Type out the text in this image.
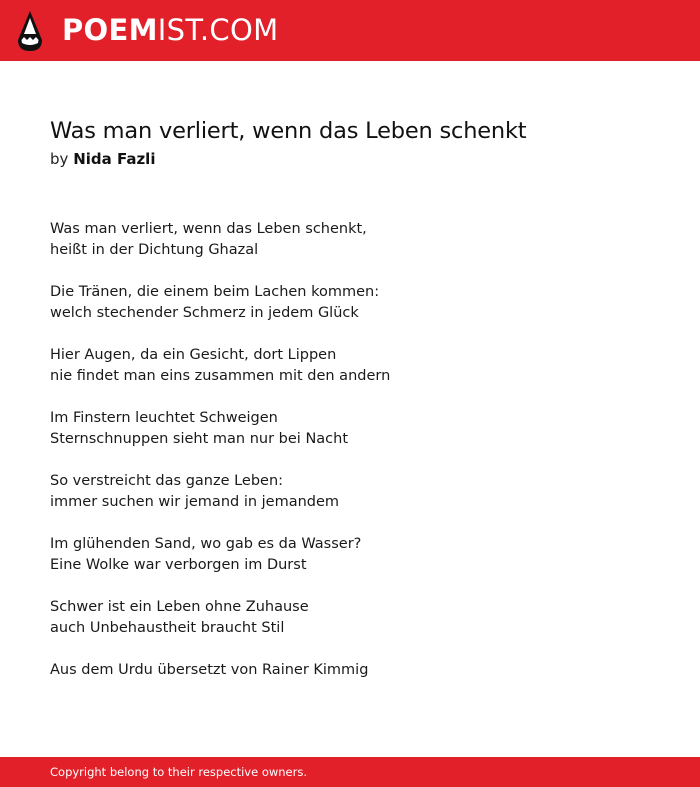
POEMIST.COM
Was man verliert, wenn das Leben schenkt
by Nida Fazli

Was man verliert, wenn das Leben schenkt,
heißt in der Dichtung Ghazal

Die Tränen, die einem beim Lachen kommen:
welch stechender Schmerz in jedem Glück

Hier Augen, da ein Gesicht, dort Lippen
nie findet man eins zusammen mit den andern

Im Finstern leuchtet Schweigen
Sternschnuppen sieht man nur bei Nacht

So verstreicht das ganze Leben:
immer suchen wir jemand in jemandem

Im glühenden Sand, wo gab es da Wasser?
Eine Wolke war verborgen im Durst

Schwer ist ein Leben ohne Zuhause
auch Unbehaustheit braucht Stil

Aus dem Urdu übersetzt von Rainer Kimmig

Copyright belong to their respective owners.
